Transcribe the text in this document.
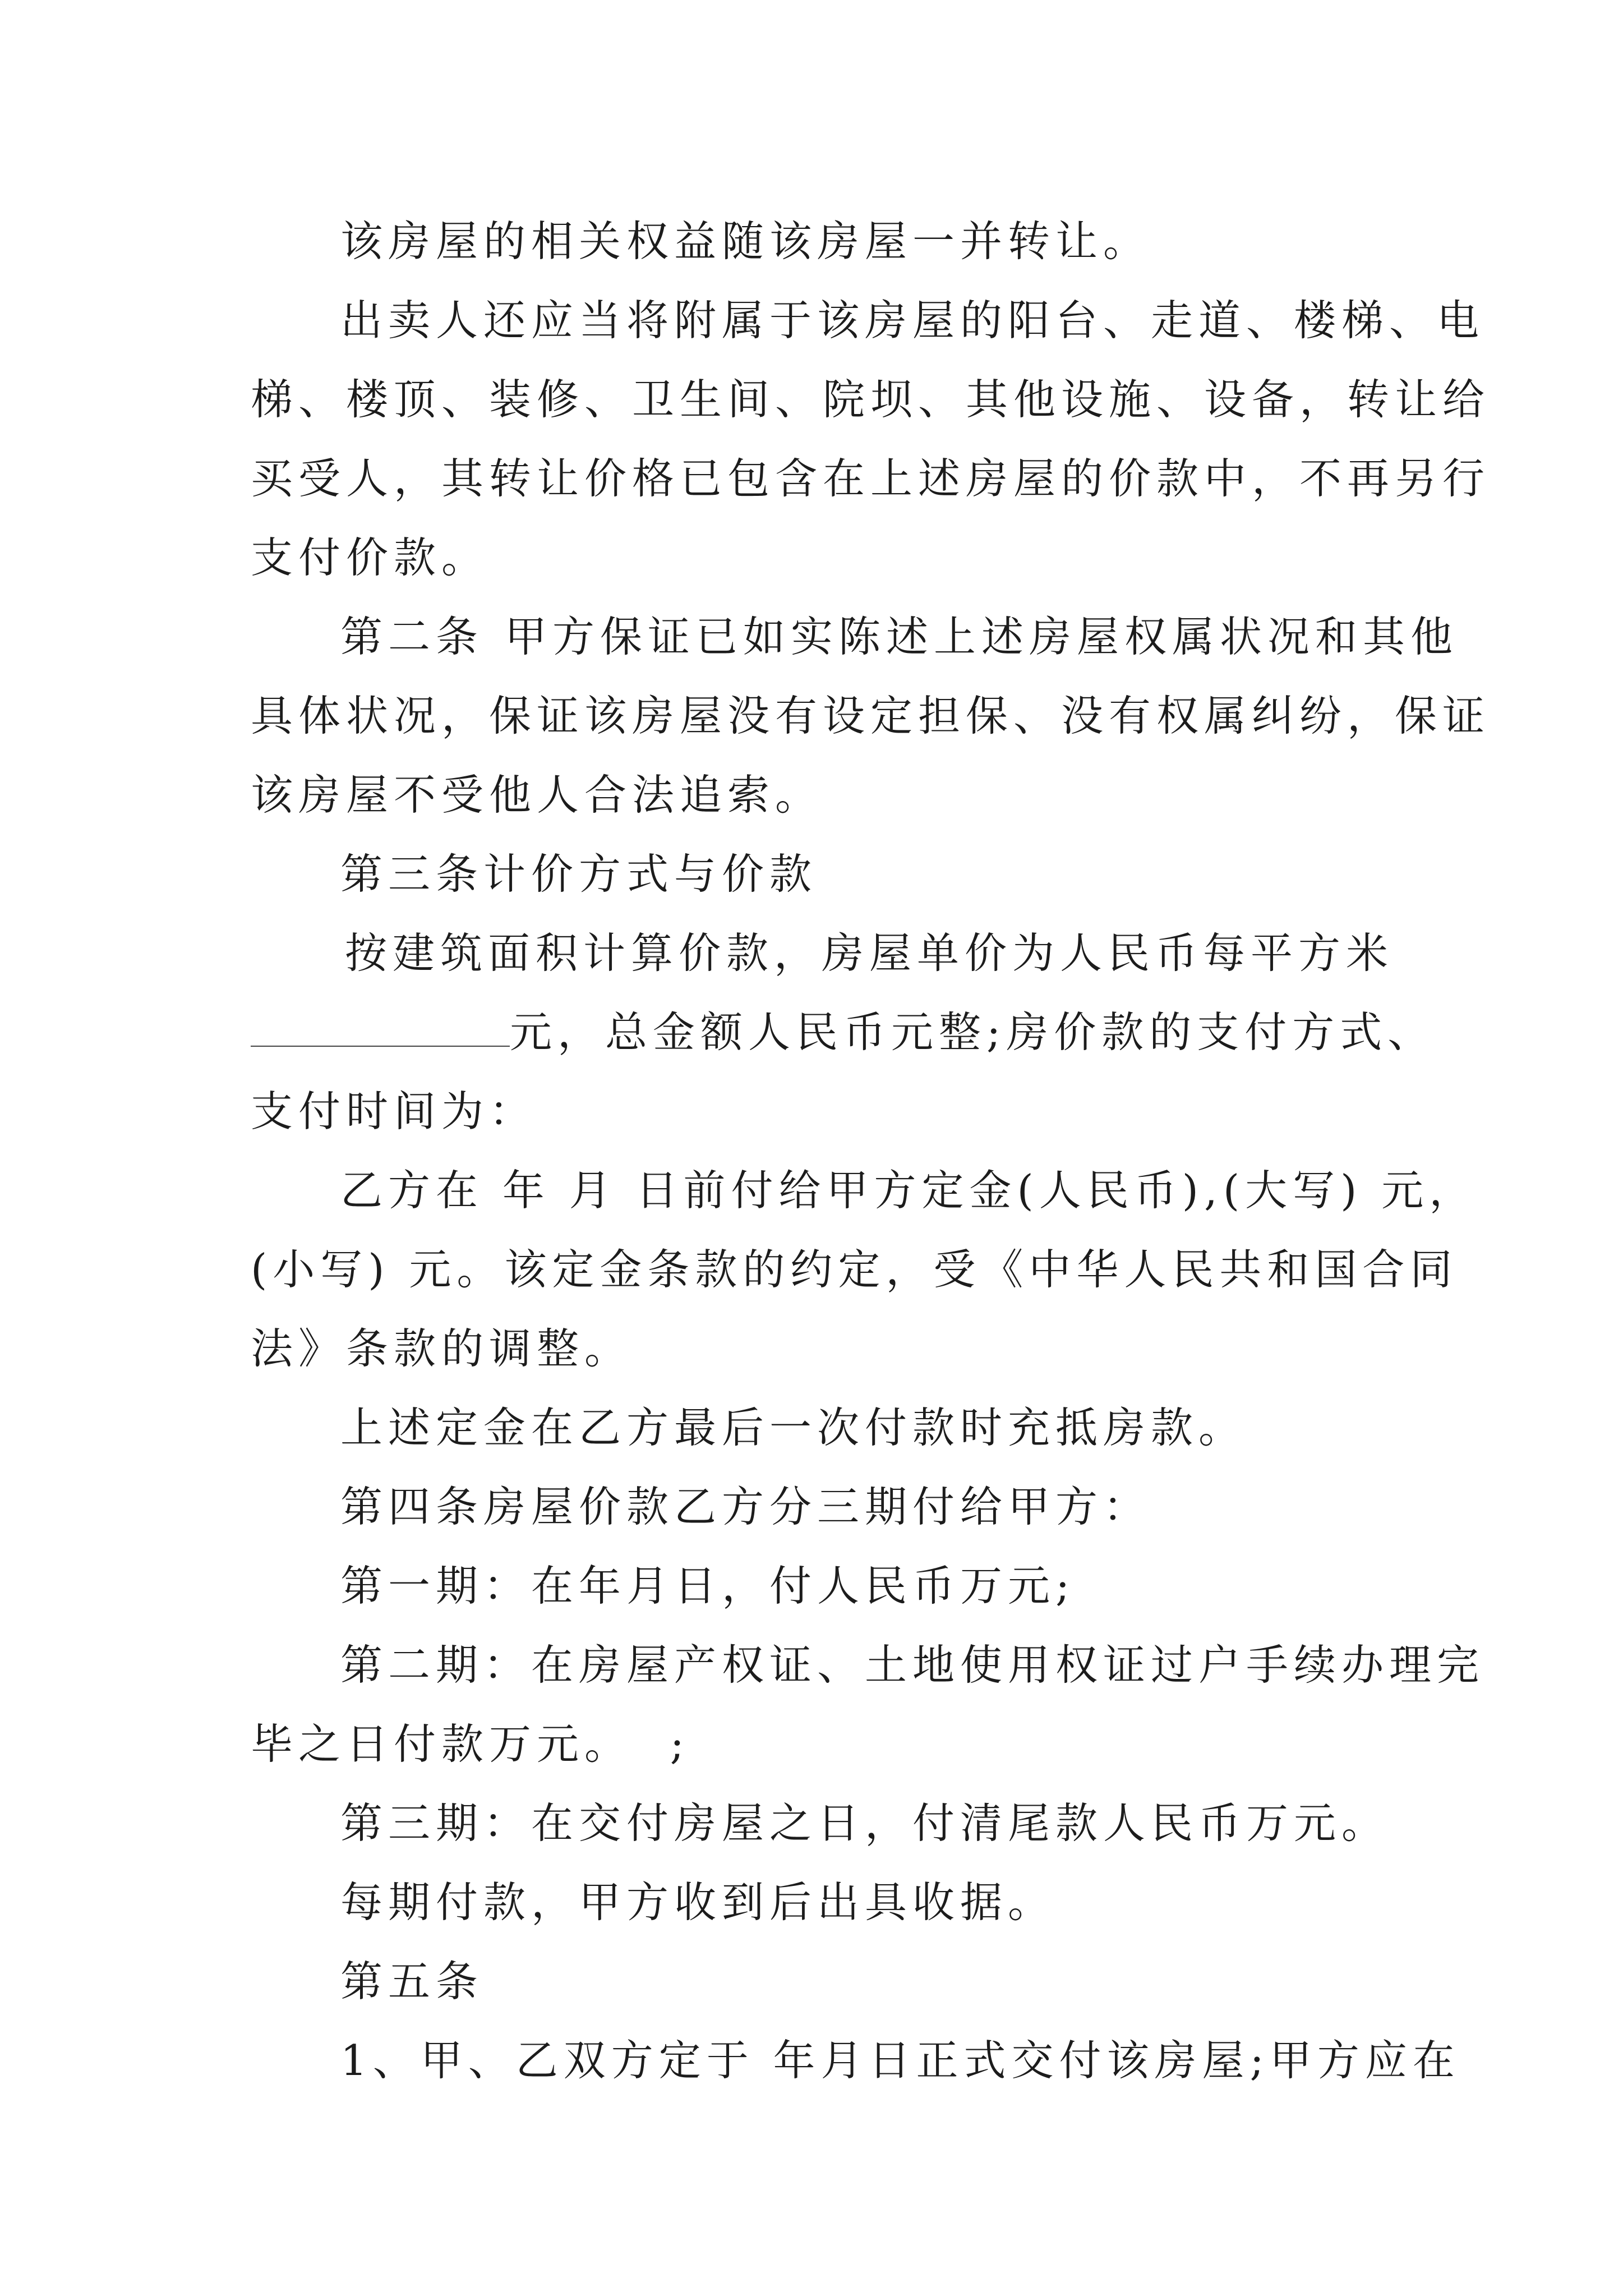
该房屋的相关权益随该房屋一并转让。
出卖人还应当将附属于该房屋的阳台、走道、楼梯、电
梯、楼顶、装修、卫生间、院坝、其他设施、设备，转让给
买受人，其转让价格已包含在上述房屋的价款中，不再另行
支付价款。
第二条 甲方保证已如实陈述上述房屋权属状况和其他
具体状况，保证该房屋没有设定担保、没有权属纠纷，保证
该房屋不受他人合法追索。
第三条计价方式与价款
按建筑面积计算价款，房屋单价为人民币每平方米
元，总金额人民币元整;房价款的支付方式、
支付时间为：
乙方在 年 月 日前付给甲方定金(人民币),(大写) 元，
(小写) 元。该定金条款的约定，受《中华人民共和国合同
法》条款的调整。
上述定金在乙方最后一次付款时充抵房款。
第四条房屋价款乙方分三期付给甲方：
第一期：在年月日，付人民币万元;
第二期：在房屋产权证、土地使用权证过户手续办理完
毕之日付款万元。  ;
第三期：在交付房屋之日，付清尾款人民币万元。
每期付款，甲方收到后出具收据。
第五条
1、甲、乙双方定于 年月日正式交付该房屋;甲方应在
